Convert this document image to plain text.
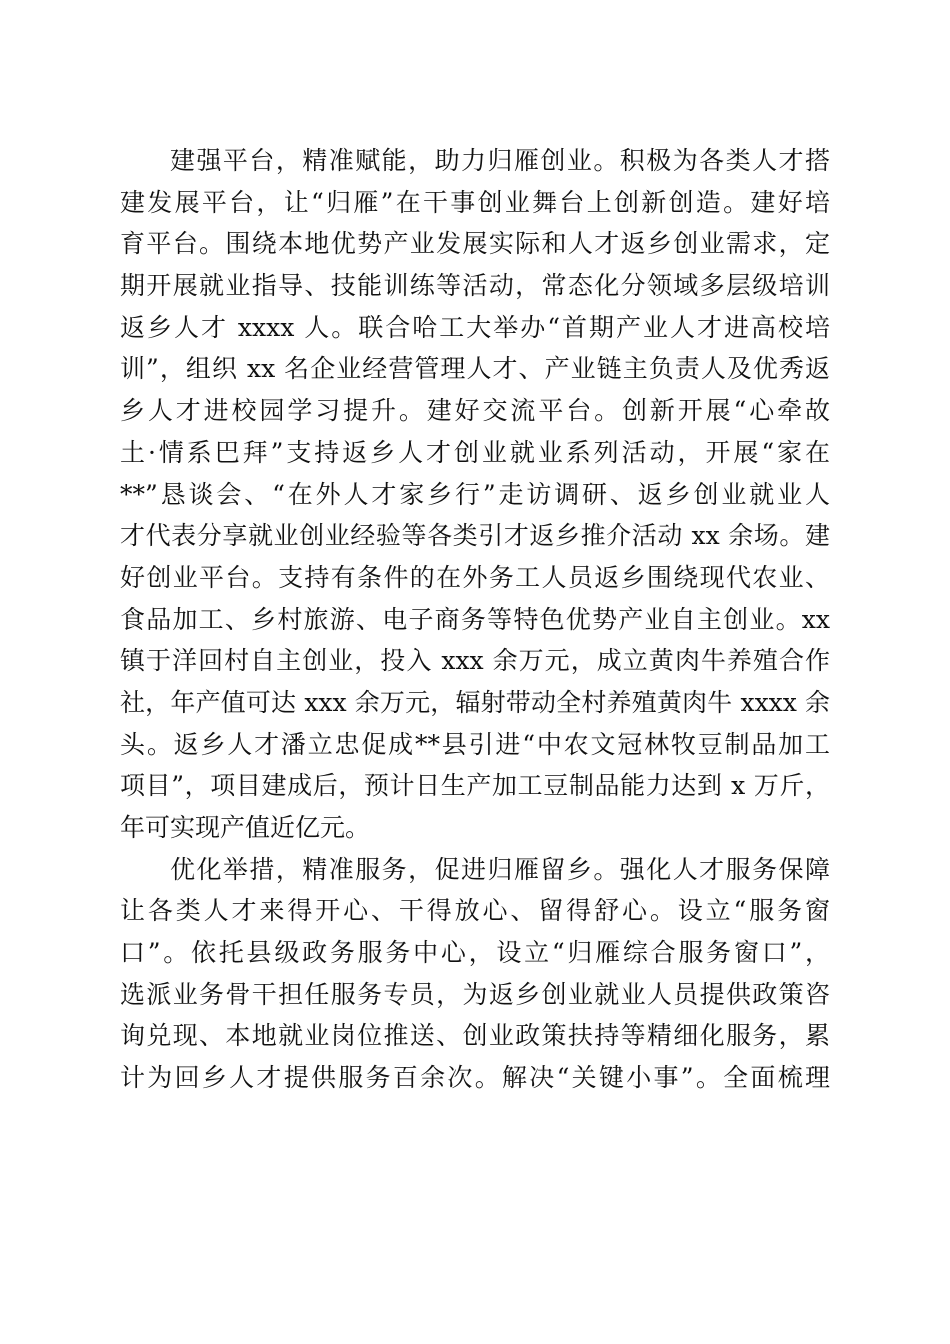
建强平台，精准赋能，助力归雁创业。积极为各类人才搭
建发展平台，让“归雁”在干事创业舞台上创新创造。建好培
育平台。围绕本地优势产业发展实际和人才返乡创业需求，定
期开展就业指导、技能训练等活动，常态化分领域多层级培训
返乡人才 xxxx 人。联合哈工大举办“首期产业人才进高校培
训”，组织 xx 名企业经营管理人才、产业链主负责人及优秀返
乡人才进校园学习提升。建好交流平台。创新开展“心牵故
土·情系巴拜”支持返乡人才创业就业系列活动，开展“家在
**”恳谈会、“在外人才家乡行”走访调研、返乡创业就业人
才代表分享就业创业经验等各类引才返乡推介活动 xx 余场。建
好创业平台。支持有条件的在外务工人员返乡围绕现代农业、
食品加工、乡村旅游、电子商务等特色优势产业自主创业。xx
镇于洋回村自主创业，投入 xxx 余万元，成立黄肉牛养殖合作
社，年产值可达 xxx 余万元，辐射带动全村养殖黄肉牛 xxxx 余
头。返乡人才潘立忠促成**县引进“中农文冠林牧豆制品加工
项目”，项目建成后，预计日生产加工豆制品能力达到 x 万斤，
年可实现产值近亿元。
优化举措，精准服务，促进归雁留乡。强化人才服务保障
让各类人才来得开心、干得放心、留得舒心。设立“服务窗
口”。依托县级政务服务中心，设立“归雁综合服务窗口”，
选派业务骨干担任服务专员，为返乡创业就业人员提供政策咨
询兑现、本地就业岗位推送、创业政策扶持等精细化服务，累
计为回乡人才提供服务百余次。解决“关键小事”。全面梳理
